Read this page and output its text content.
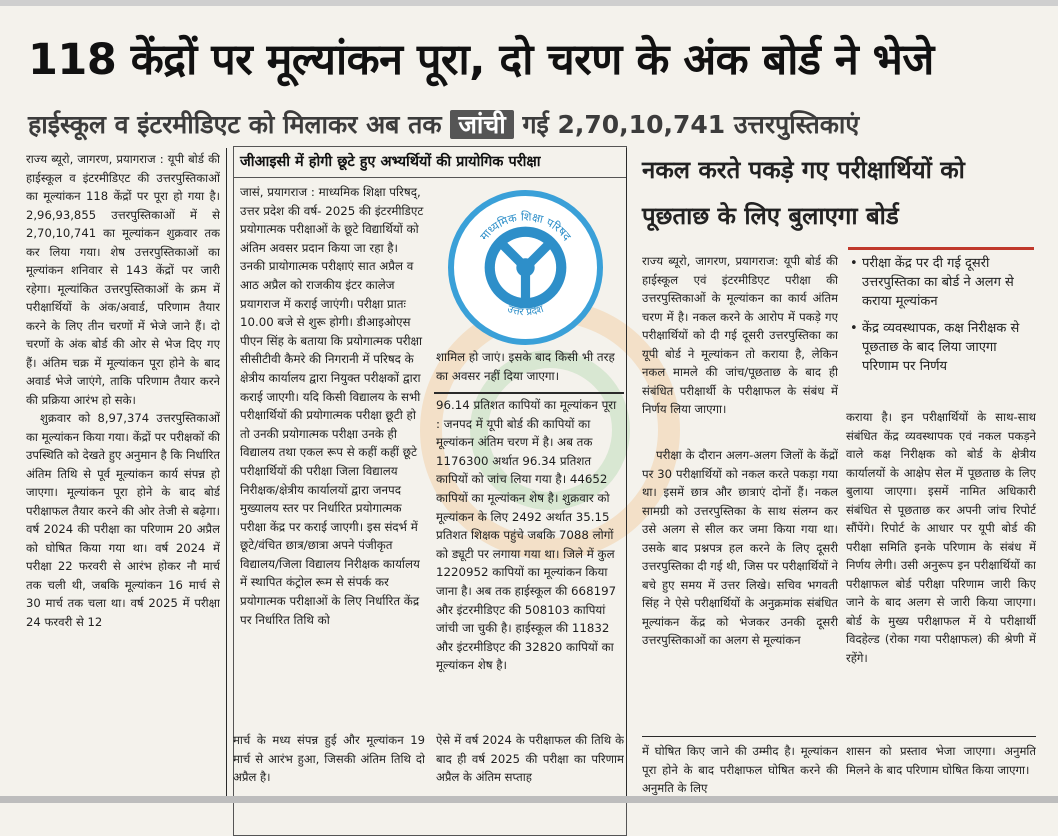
118 केंद्रों पर मूल्यांकन पूरा, दो चरण के अंक बोर्ड ने भेजे
हाईस्कूल व इंटरमीडिएट को मिलाकर अब तक जांची गई 2,70,10,741 उत्तरपुस्तिकाएं

राज्य ब्यूरो, जागरण, प्रयागराज : यूपी बोर्ड की हाईस्कूल व इंटरमीडिएट की उत्तरपुस्तिकाओं का मूल्यांकन 118 केंद्रों पर पूरा हो गया है। 2,96,93,855 उत्तरपुस्तिकाओं में से 2,70,10,741 का मूल्यांकन शुक्रवार तक कर लिया गया। शेष उत्तरपुस्तिकाओं का मूल्यांकन शनिवार से 143 केंद्रों पर जारी रहेगा। मूल्यांकित उत्तरपुस्तिकाओं के क्रम में परीक्षार्थियों के अंक/अवार्ड, परिणाम तैयार करने के लिए तीन चरणों में भेजे जाने हैं। दो चरणों के अंक बोर्ड की ओर से भेज दिए गए हैं। अंतिम चक्र में मूल्यांकन पूरा होने के बाद अवार्ड भेजे जाएंगे, ताकि परिणाम तैयार करने की प्रक्रिया आरंभ हो सके।

शुक्रवार को 8,97,374 उत्तरपुस्तिकाओं का मूल्यांकन किया गया। केंद्रों पर परीक्षकों की उपस्थिति को देखते हुए अनुमान है कि निर्धारित अंतिम तिथि से पूर्व मूल्यांकन कार्य संपन्न हो जाएगा। मूल्यांकन पूरा होने के बाद बोर्ड परीक्षाफल तैयार करने की ओर तेजी से बढ़ेगा। वर्ष 2024 की परीक्षा का परिणाम 20 अप्रैल को घोषित किया गया था। वर्ष 2024 में परीक्षा 22 फरवरी से आरंभ होकर नौ मार्च तक चली थी, जबकि मूल्यांकन 16 मार्च से 30 मार्च तक चला था। वर्ष 2025 में परीक्षा 24 फरवरी से 12

जीआइसी में होगी छूटे हुए अभ्यर्थियों की प्रायोगिक परीक्षा
जासं, प्रयागराज : माध्यमिक शिक्षा परिषद्, उत्तर प्रदेश की वर्ष- 2025 की इंटरमीडिएट प्रयोगात्मक परीक्षाओं के छूटे विद्यार्थियों को अंतिम अवसर प्रदान किया जा रहा है। उनकी प्रायोगात्मक परीक्षाएं सात अप्रैल व आठ अप्रैल को राजकीय इंटर कालेज प्रयागराज में कराई जाएंगी। परीक्षा प्रातः 10.00 बजे से शुरू होगी। डीआइओएस पीएन सिंह के बताया कि प्रयोगात्मक परीक्षा सीसीटीवी कैमरे की निगरानी में परिषद के क्षेत्रीय कार्यालय द्वारा नियुक्त परीक्षकों द्वारा कराई जाएगी। यदि किसी विद्यालय के सभी परीक्षार्थियों की प्रयोगात्मक परीक्षा छूटी हो तो उनकी प्रयोगात्मक परीक्षा उनके ही विद्यालय तथा एकल रूप से कहीं कहीं छूटे परीक्षार्थियों की परीक्षा जिला विद्यालय निरीक्षक/क्षेत्रीय कार्यालयों द्वारा जनपद मुख्यालय स्तर पर निर्धारित प्रयोगात्मक परीक्षा केंद्र पर कराई जाएगी। इस संदर्भ में छूटे/वंचित छात्र/छात्रा अपने पंजीकृत विद्यालय/जिला विद्यालय निरीक्षक कार्यालय में स्थापित कंट्रोल रूम से संपर्क कर प्रयोगात्मक परीक्षाओं के लिए निर्धारित केंद्र पर निर्धारित तिथि को
माध्यमिक शिक्षा परिषद
उत्तर प्रदेश
शामिल हो जाएं। इसके बाद किसी भी तरह का अवसर नहीं दिया जाएगा।
96.14 प्रतिशत कापियों का मूल्यांकन पूरा : जनपद में यूपी बोर्ड की कापियों का मूल्यांकन अंतिम चरण में है। अब तक 1176300 अर्थात 96.34 प्रतिशत कापियों को जांच लिया गया है। 44652 कापियों का मूल्यांकन शेष है। शुक्रवार को मूल्यांकन के लिए 2492 अर्थात 35.15 प्रतिशत शिक्षक पहुंचे जबकि 7088 लोगों को ड्यूटी पर लगाया गया था। जिले में कुल 1220952 कापियों का मूल्यांकन किया जाना है। अब तक हाईस्कूल की 668197 और इंटरमीडिएट की 508103 कापियां जांची जा चुकी है। हाईस्कूल की 11832 और इंटरमीडिएट की 32820 कापियों का मूल्यांकन शेष है।
मार्च के मध्य संपन्न हुई और मूल्यांकन 19 मार्च से आरंभ हुआ, जिसकी अंतिम तिथि दो अप्रैल है।
ऐसे में वर्ष 2024 के परीक्षाफल की तिथि के बाद ही वर्ष 2025 की परीक्षा का परिणाम अप्रैल के अंतिम सप्ताह
नकल करते पकड़े गए परीक्षार्थियों को पूछताछ के लिए बुलाएगा बोर्ड
• परीक्षा केंद्र पर दी गई दूसरी उत्तरपुस्तिका का बोर्ड ने अलग से कराया मूल्यांकन
• केंद्र व्यवस्थापक, कक्ष निरीक्षक से पूछताछ के बाद लिया जाएगा परिणाम पर निर्णय
राज्य ब्यूरो, जागरण, प्रयागराज: यूपी बोर्ड की हाईस्कूल एवं इंटरमीडिएट परीक्षा की उत्तरपुस्तिकाओं के मूल्यांकन का कार्य अंतिम चरण में है। नकल करने के आरोप में पकड़े गए परीक्षार्थियों को दी गई दूसरी उत्तरपुस्तिका का यूपी बोर्ड ने मूल्यांकन तो कराया है, लेकिन नकल मामले की जांच/पूछताछ के बाद ही संबंधित परीक्षार्थी के परीक्षाफल के संबंध में निर्णय लिया जाएगा।
परीक्षा के दौरान अलग-अलग जिलों के केंद्रों पर 30 परीक्षार्थियों को नकल करते पकड़ा गया था। इसमें छात्र और छात्राएं दोनों हैं। नकल सामग्री को उत्तरपुस्तिका के साथ संलग्न कर उसे अलग से सील कर जमा किया गया था। उसके बाद प्रश्नपत्र हल करने के लिए दूसरी उत्तरपुस्तिका दी गई थी, जिस पर परीक्षार्थियों ने बचे हुए समय में उत्तर लिखे। सचिव भगवती सिंह ने ऐसे परीक्षार्थियों के अनुक्रमांक संबंधित मूल्यांकन केंद्र को भेजकर उनकी दूसरी उत्तरपुस्तिकाओं का अलग से मूल्यांकन
कराया है। इन परीक्षार्थियों के साथ-साथ संबंधित केंद्र व्यवस्थापक एवं नकल पकड़ने वाले कक्ष निरीक्षक को बोर्ड के क्षेत्रीय कार्यालयों के आक्षेप सेल में पूछताछ के लिए बुलाया जाएगा। इसमें नामित अधिकारी संबंधित से पूछताछ कर अपनी जांच रिपोर्ट सौंपेंगे। रिपोर्ट के आधार पर यूपी बोर्ड की परीक्षा समिति इनके परिणाम के संबंध में निर्णय लेगी। उसी अनुरूप इन परीक्षार्थियों का परीक्षाफल बोर्ड परीक्षा परिणाम जारी किए जाने के बाद अलग से जारी किया जाएगा। बोर्ड के मुख्य परीक्षाफल में ये परीक्षार्थी विदहेल्ड (रोका गया परीक्षाफल) की श्रेणी में रहेंगे।
में घोषित किए जाने की उम्मीद है। मूल्यांकन पूरा होने के बाद परीक्षाफल घोषित करने की अनुमति के लिए
शासन को प्रस्ताव भेजा जाएगा। अनुमति मिलने के बाद परिणाम घोषित किया जाएगा।
